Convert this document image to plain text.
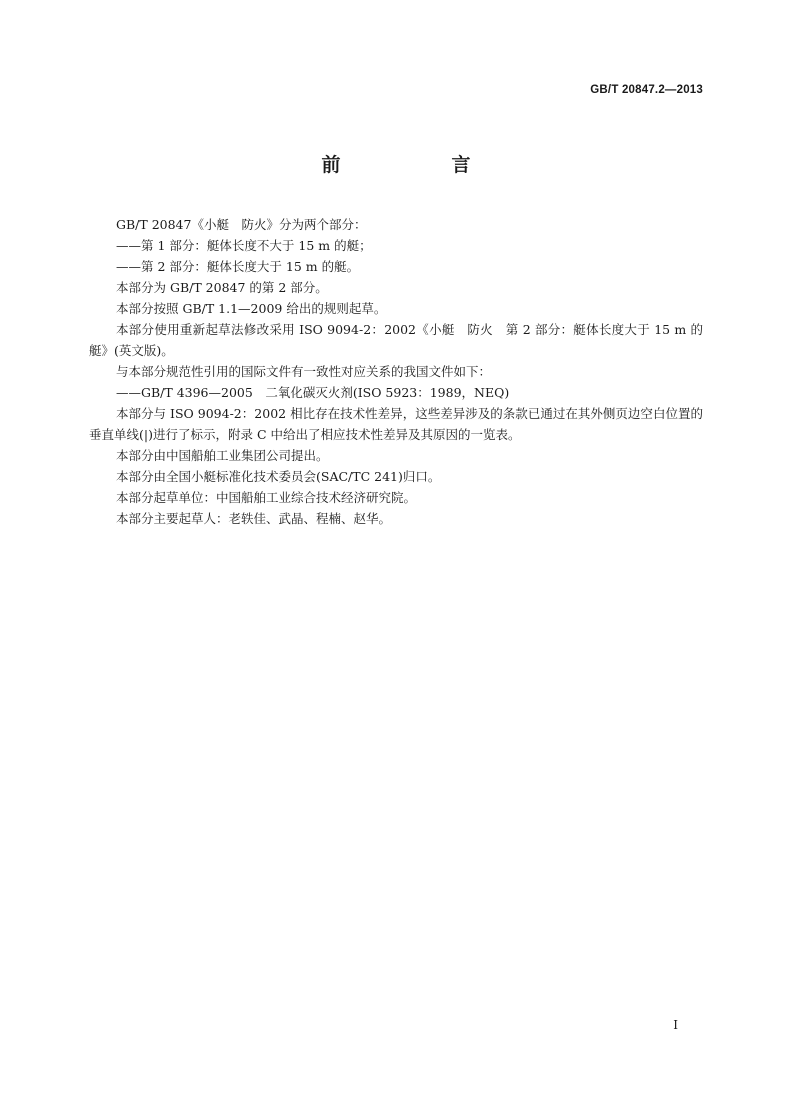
GB/T 20847.2—2013
前　言

GB/T 20847《小艇　防火》分为两个部分：

——第 1 部分：艇体长度不大于 15 m 的艇；

——第 2 部分：艇体长度大于 15 m 的艇。

本部分为 GB/T 20847 的第 2 部分。

本部分按照 GB/T 1.1—2009 给出的规则起草。

本部分使用重新起草法修改采用 ISO 9094-2：2002《小艇　防火　第 2 部分：艇体长度大于 15 m 的艇》(英文版)。

与本部分规范性引用的国际文件有一致性对应关系的我国文件如下：

——GB/T 4396—2005　二氧化碳灭火剂(ISO 5923：1989，NEQ)

本部分与 ISO 9094-2：2002 相比存在技术性差异，这些差异涉及的条款已通过在其外侧页边空白位置的垂直单线(|)进行了标示，附录 C 中给出了相应技术性差异及其原因的一览表。

本部分由中国船舶工业集团公司提出。

本部分由全国小艇标准化技术委员会(SAC/TC 241)归口。

本部分起草单位：中国船舶工业综合技术经济研究院。

本部分主要起草人：老轶佳、武晶、程楠、赵华。

I
